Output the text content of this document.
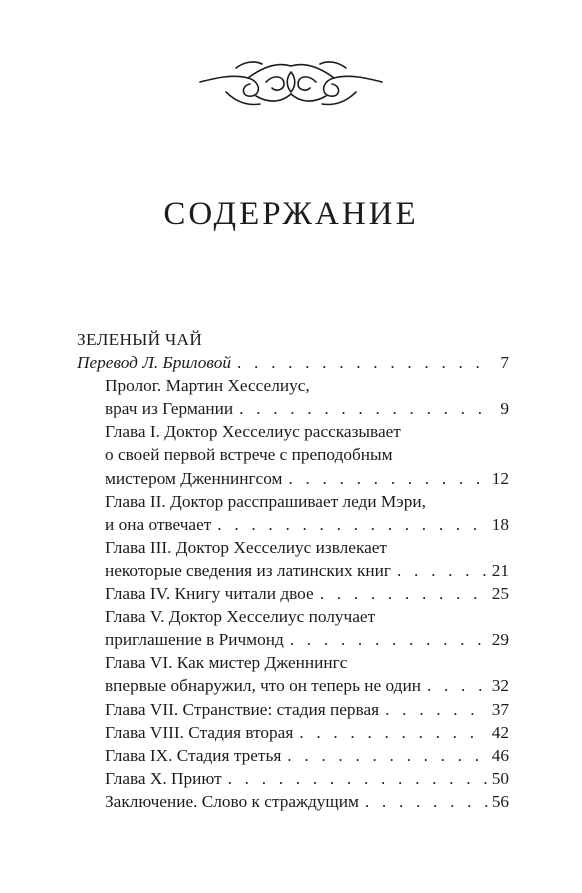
СОДЕРЖАНИЕ
ЗЕЛЕНЫЙ ЧАЙ
Перевод Л. Бриловой . . .	7
Пролог. Мартин Хесселиус,
врач из Германии . . .	9
Глава I. Доктор Хесселиус рассказывает
о своей первой встрече с преподобным
мистером Дженнингсом . . .	12
Глава II. Доктор расспрашивает леди Мэри,
и она отвечает . . .	18
Глава III. Доктор Хесселиус извлекает
некоторые сведения из латинских книг . . .	21
Глава IV. Книгу читали двое . . .	25
Глава V. Доктор Хесселиус получает
приглашение в Ричмонд . . .	29
Глава VI. Как мистер Дженнингс
впервые обнаружил, что он теперь не один . . .	32
Глава VII. Странствие: стадия первая . . .	37
Глава VIII. Стадия вторая . . .	42
Глава IX. Стадия третья . . .	46
Глава X. Приют . . .	50
Заключение. Слово к страждущим . . .	56
